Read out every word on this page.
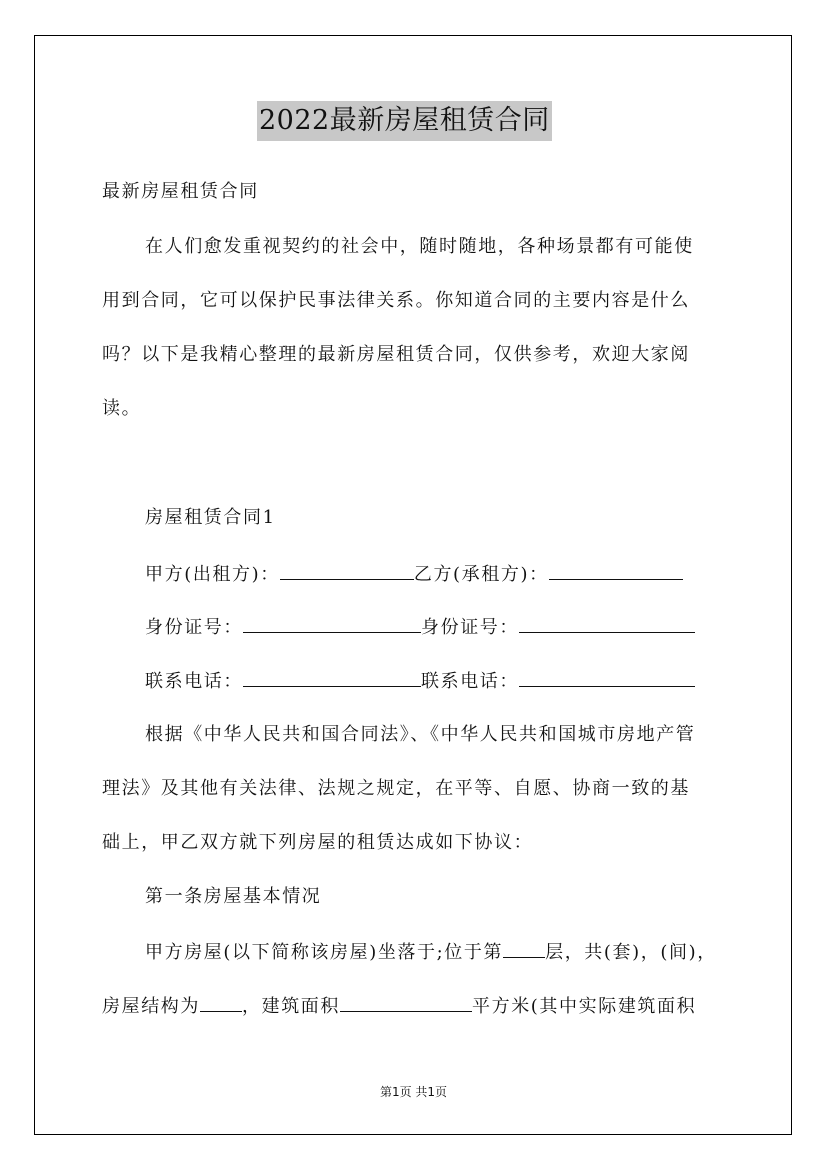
2022最新房屋租赁合同
最新房屋租赁合同
在人们愈发重视契约的社会中，随时随地，各种场景都有可能使
用到合同，它可以保护民事法律关系。你知道合同的主要内容是什么
吗？以下是我精心整理的最新房屋租赁合同，仅供参考，欢迎大家阅
读。
房屋租赁合同1
甲方(出租方)：	乙方(承租方)：
身份证号：	身份证号：
联系电话：	联系电话：
根据《中华人民共和国合同法》、《中华人民共和国城市房地产管
理法》及其他有关法律、法规之规定，在平等、自愿、协商一致的基
础上，甲乙双方就下列房屋的租赁达成如下协议：
第一条房屋基本情况
甲方房屋(以下简称该房屋)坐落于;位于第 层，共(套)，(间)，
房屋结构为 ，建筑面积	平方米(其中实际建筑面积
第1页 共1页
